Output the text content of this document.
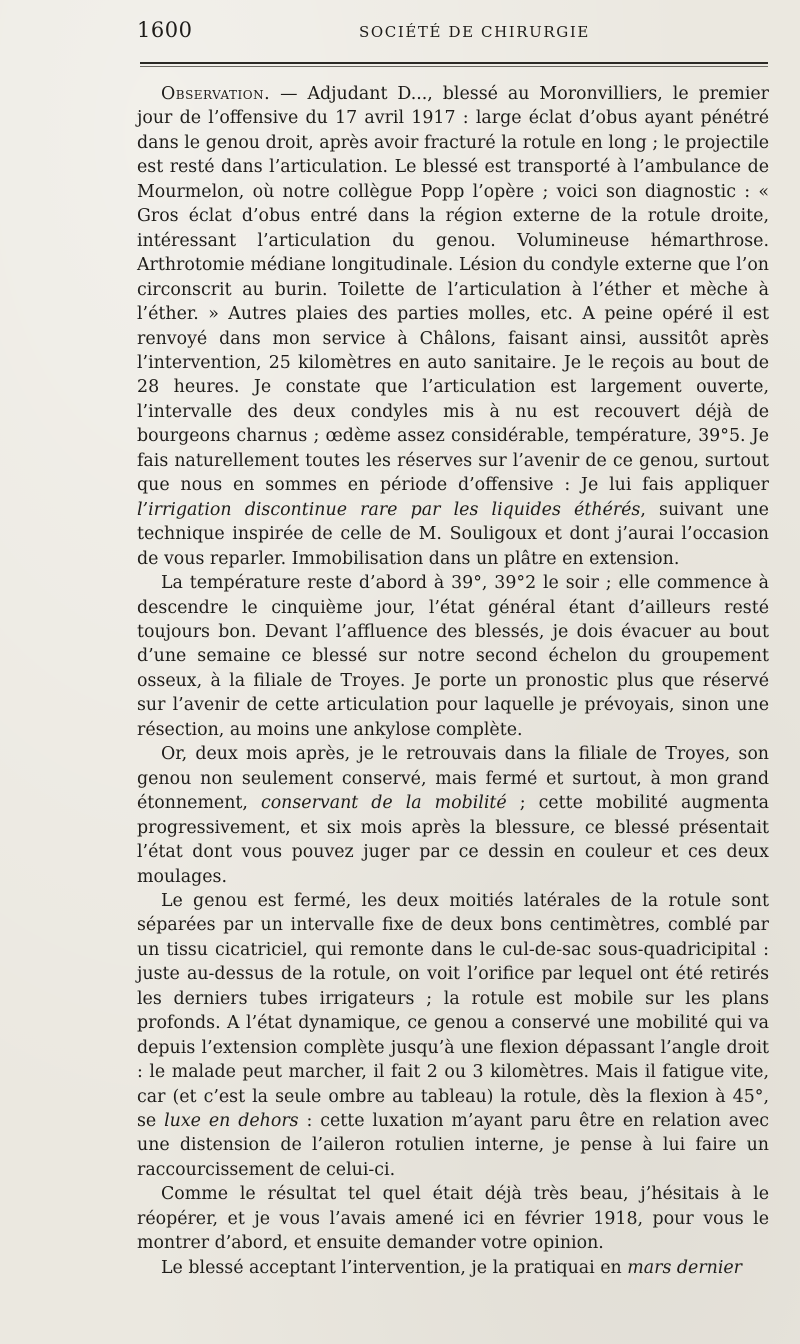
1600	SOCIÉTÉ DE CHIRURGIE

Observation. — Adjudant D..., blessé au Moronvilliers, le premier jour de l’offensive du 17 avril 1917 : large éclat d’obus ayant pénétré dans le genou droit, après avoir fracturé la rotule en long ; le projectile est resté dans l’articulation. Le blessé est transporté à l’ambulance de Mourmelon, où notre collègue Popp l’opère ; voici son diagnostic : « Gros éclat d’obus entré dans la région externe de la rotule droite, intéressant l’articulation du genou. Volumineuse hémarthrose. Arthrotomie médiane longitudinale. Lésion du condyle externe que l’on circonscrit au burin. Toilette de l’articulation à l’éther et mèche à l’éther. » Autres plaies des parties molles, etc. A peine opéré il est renvoyé dans mon service à Châlons, faisant ainsi, aussitôt après l’intervention, 25 kilomètres en auto sanitaire. Je le reçois au bout de 28 heures. Je constate que l’articulation est largement ouverte, l’intervalle des deux condyles mis à nu est recouvert déjà de bourgeons charnus ; œdème assez considérable, température, 39°5. Je fais naturellement toutes les réserves sur l’avenir de ce genou, surtout que nous en sommes en période d’offensive : Je lui fais appliquer l’irrigation discontinue rare par les liquides éthérés, suivant une technique inspirée de celle de M. Souligoux et dont j’aurai l’occasion de vous reparler. Immobilisation dans un plâtre en extension.

La température reste d’abord à 39°, 39°2 le soir ; elle commence à descendre le cinquième jour, l’état général étant d’ailleurs resté toujours bon. Devant l’affluence des blessés, je dois évacuer au bout d’une semaine ce blessé sur notre second échelon du groupement osseux, à la filiale de Troyes. Je porte un pronostic plus que réservé sur l’avenir de cette articulation pour laquelle je prévoyais, sinon une résection, au moins une ankylose complète.

Or, deux mois après, je le retrouvais dans la filiale de Troyes, son genou non seulement conservé, mais fermé et surtout, à mon grand étonnement, conservant de la mobilité ; cette mobilité augmenta progressivement, et six mois après la blessure, ce blessé présentait l’état dont vous pouvez juger par ce dessin en couleur et ces deux moulages.

Le genou est fermé, les deux moitiés latérales de la rotule sont séparées par un intervalle fixe de deux bons centimètres, comblé par un tissu cicatriciel, qui remonte dans le cul-de-sac sous-quadricipital : juste au-dessus de la rotule, on voit l’orifice par lequel ont été retirés les derniers tubes irrigateurs ; la rotule est mobile sur les plans profonds. A l’état dynamique, ce genou a conservé une mobilité qui va depuis l’extension complète jusqu’à une flexion dépassant l’angle droit : le malade peut marcher, il fait 2 ou 3 kilomètres. Mais il fatigue vite, car (et c’est la seule ombre au tableau) la rotule, dès la flexion à 45°, se luxe en dehors : cette luxation m’ayant paru être en relation avec une distension de l’aileron rotulien interne, je pense à lui faire un raccourcissement de celui-ci.

Comme le résultat tel quel était déjà très beau, j’hésitais à le réopérer, et je vous l’avais amené ici en février 1918, pour vous le montrer d’abord, et ensuite demander votre opinion.

Le blessé acceptant l’intervention, je la pratiquai en mars dernier
